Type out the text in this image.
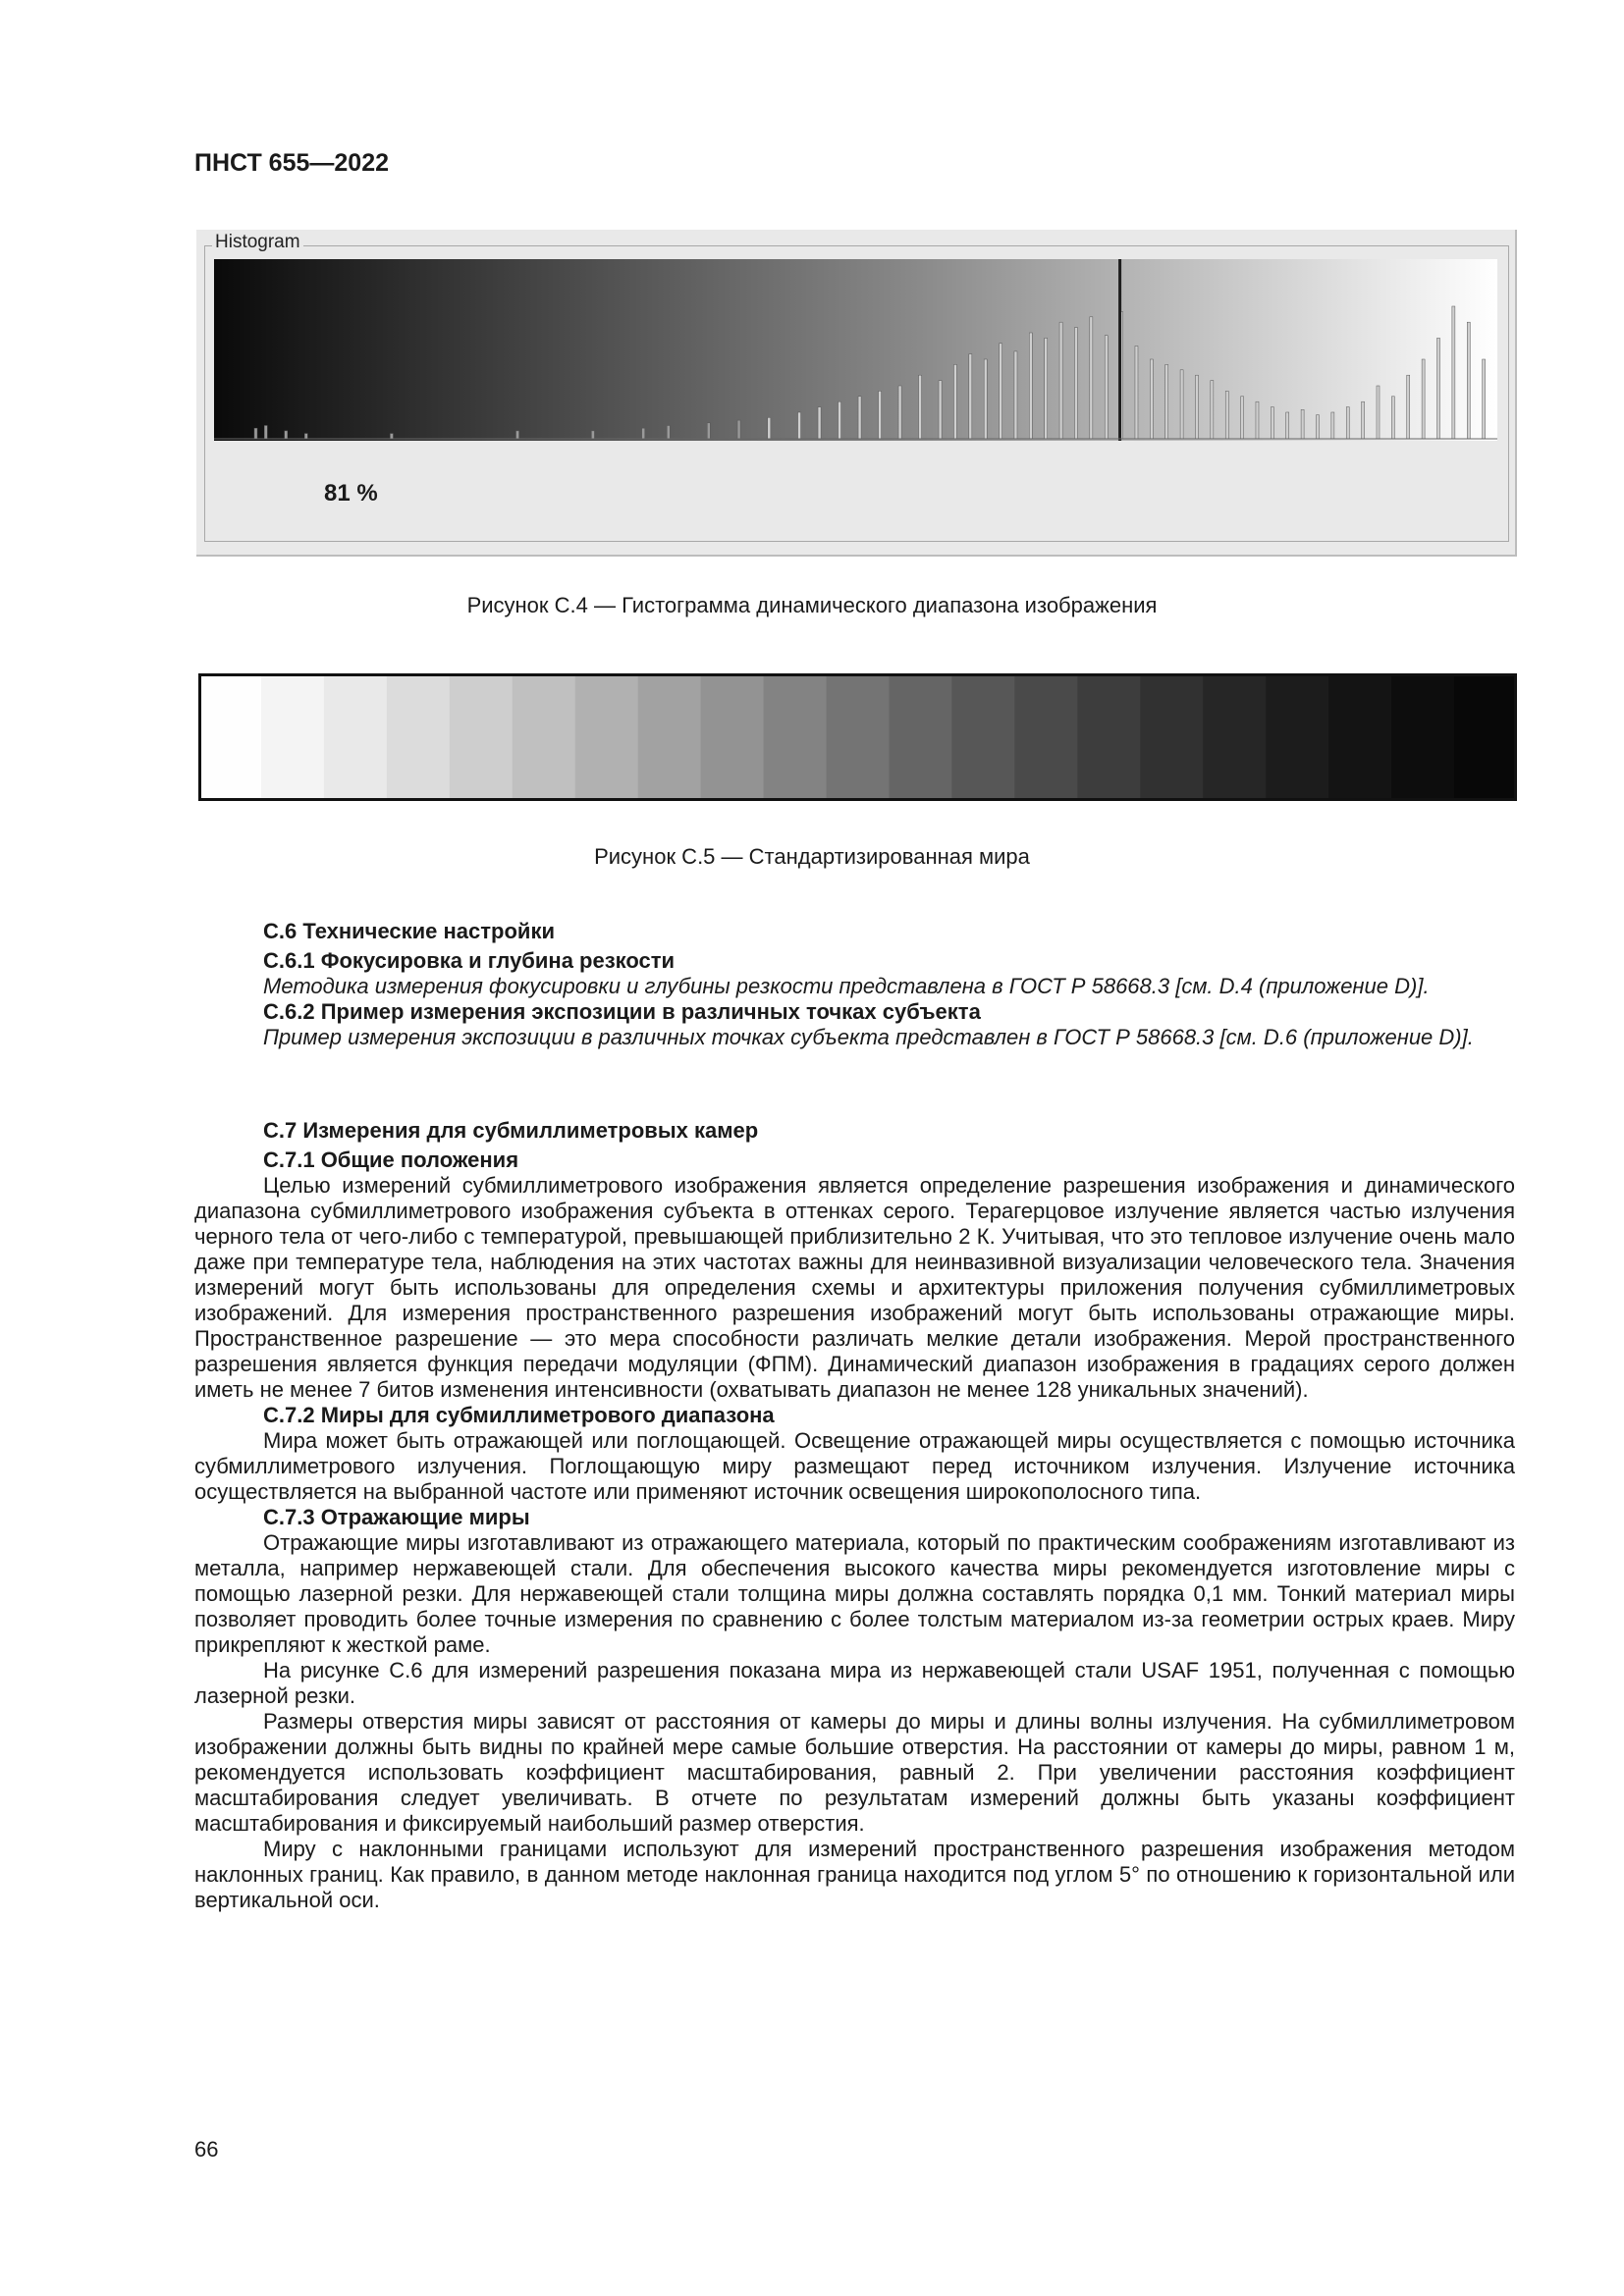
ПНСТ 655—2022
Histogram
81 %
Рисунок С.4 — Гистограмма динамического диапазона изображения
Рисунок С.5 — Стандартизированная мира

С.6 Технические настройки

С.6.1 Фокусировка и глубина резкости

Методика измерения фокусировки и глубины резкости представлена в ГОСТ Р 58668.3 [см. D.4 (приложение D)].

С.6.2 Пример измерения экспозиции в различных точках субъекта

Пример измерения экспозиции в различных точках субъекта представлен в ГОСТ Р 58668.3 [см. D.6 (приложение D)].

С.7 Измерения для субмиллиметровых камер

С.7.1 Общие положения

Целью измерений субмиллиметрового изображения является определение разрешения изображения и динамического диапазона субмиллиметрового изображения субъекта в оттенках серого. Терагерцовое излучение является частью излучения черного тела от чего-либо с температурой, превышающей приблизительно 2 К. Учитывая, что это тепловое излучение очень мало даже при температуре тела, наблюдения на этих частотах важны для неинвазивной визуализации человеческого тела. Значения измерений могут быть использованы для определения схемы и архитектуры приложения получения субмиллиметровых изображений. Для измерения пространственного разрешения изображений могут быть использованы отражающие миры. Пространственное разрешение — это мера способности различать мелкие детали изображения. Мерой пространственного разрешения является функция передачи модуляции (ФПМ). Динамический диапазон изображения в градациях серого должен иметь не менее 7 битов изменения интенсивности (охватывать диапазон не менее 128 уникальных значений).

С.7.2 Миры для субмиллиметрового диапазона

Мира может быть отражающей или поглощающей. Освещение отражающей миры осуществляется с помощью источника субмиллиметрового излучения. Поглощающую миру размещают перед источником излучения. Излучение источника осуществляется на выбранной частоте или применяют источник освещения широкополосного типа.

С.7.3 Отражающие миры

Отражающие миры изготавливают из отражающего материала, который по практическим соображениям изготавливают из металла, например нержавеющей стали. Для обеспечения высокого качества миры рекомендуется изготовление миры с помощью лазерной резки. Для нержавеющей стали толщина миры должна составлять порядка 0,1 мм. Тонкий материал миры позволяет проводить более точные измерения по сравнению с более толстым материалом из-за геометрии острых краев. Миру прикрепляют к жесткой раме.

На рисунке С.6 для измерений разрешения показана мира из нержавеющей стали USAF 1951, полученная с помощью лазерной резки.

Размеры отверстия миры зависят от расстояния от камеры до миры и длины волны излучения. На субмиллиметровом изображении должны быть видны по крайней мере самые большие отверстия. На расстоянии от камеры до миры, равном 1 м, рекомендуется использовать коэффициент масштабирования, равный 2. При увеличении расстояния коэффициент масштабирования следует увеличивать. В отчете по результатам измерений должны быть указаны коэффициент масштабирования и фиксируемый наибольший размер отверстия.

Миру с наклонными границами используют для измерений пространственного разрешения изображения методом наклонных границ. Как правило, в данном методе наклонная граница находится под углом 5° по отношению к горизонтальной или вертикальной оси.

66
